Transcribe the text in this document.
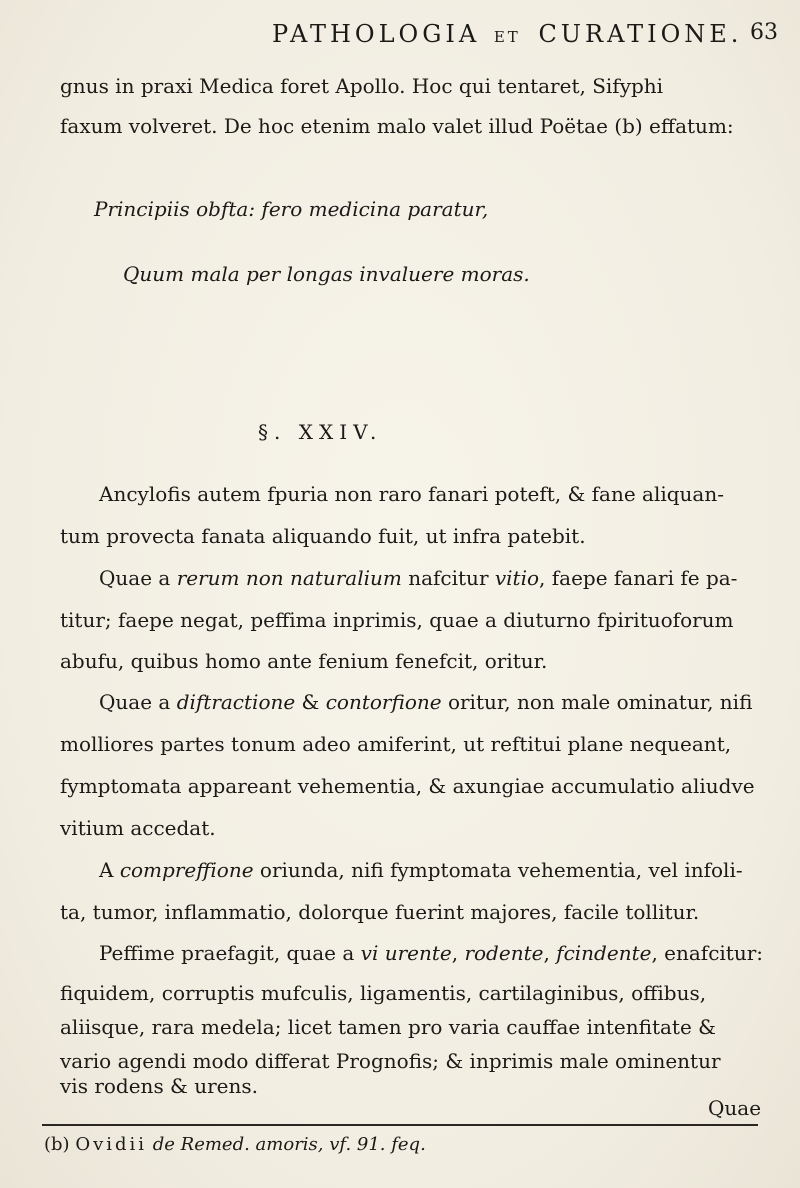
PATHOLOGIA ET CURATIONE. 63
gnus in praxi Medica foret Apollo. Hoc qui tentaret, Sifyphi
faxum volveret. De hoc etenim malo valet illud Poëtae (b) effatum:
Principiis obfta: fero medicina paratur,
Quum mala per longas invaluere moras.
§. XXIV.
Ancylofis autem fpuria non raro fanari poteft, & fane aliquan-
tum provecta fanata aliquando fuit, ut infra patebit.
Quae a rerum non naturalium nafcitur vitio, faepe fanari fe pa-
titur; faepe negat, peffima inprimis, quae a diuturno fpirituoforum
abufu, quibus homo ante fenium fenefcit, oritur.
Quae a diftractione & contorfione oritur, non male ominatur, nifi
molliores partes tonum adeo amiferint, ut reftitui plane nequeant,
fymptomata appareant vehementia, & axungiae accumulatio aliudve
vitium accedat.
A compreffione oriunda, nifi fymptomata vehementia, vel infoli-
ta, tumor, inflammatio, dolorque fuerint majores, facile tollitur.
Peffime praefagit, quae a vi urente, rodente, fcindente, enafcitur:
fiquidem, corruptis mufculis, ligamentis, cartilaginibus, offibus,
aliisque, rara medela; licet tamen pro varia cauffae intenfitate &
vario agendi modo differat Prognofis; & inprimis male ominentur
vis rodens & urens.
Quae
(b) Ovidii de Remed. amoris, vf. 91. feq.
